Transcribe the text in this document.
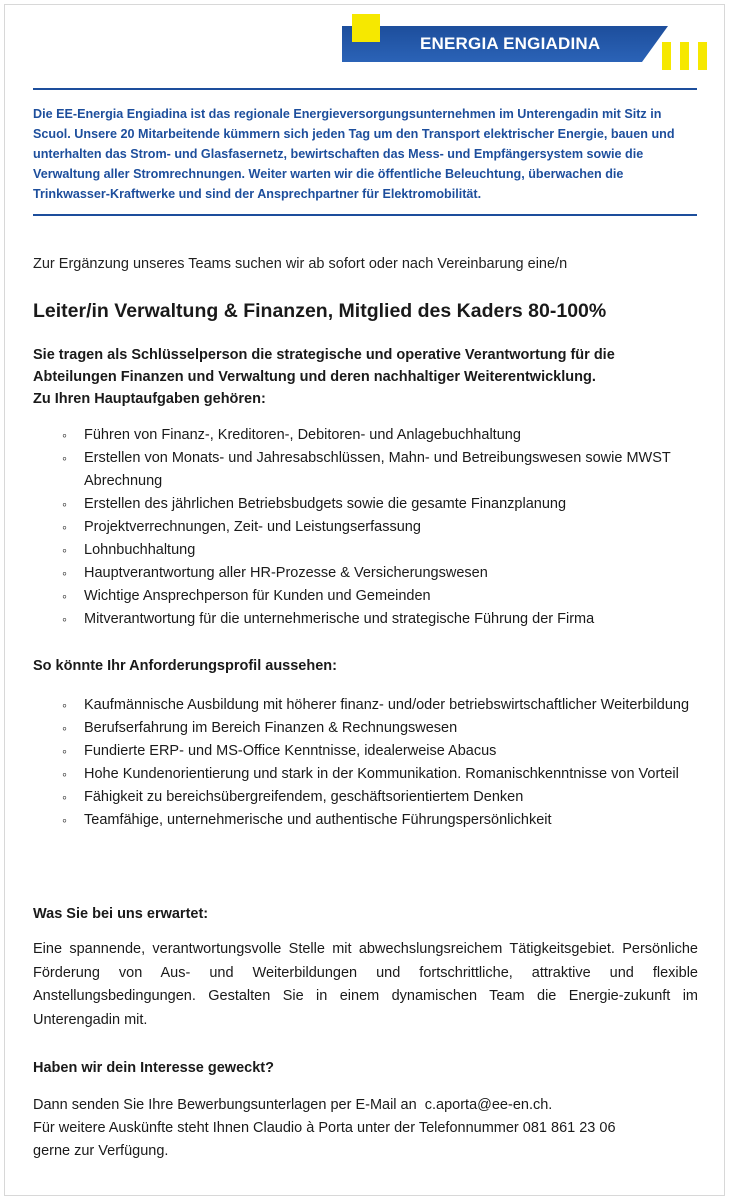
ENERGIA ENGIADINA
Die EE-Energia Engiadina ist das regionale Energieversorgungsunternehmen im Unterengadin mit Sitz in Scuol. Unsere 20 Mitarbeitende kümmern sich jeden Tag um den Transport elektrischer Energie, bauen und unterhalten das Strom- und Glasfasernetz, bewirtschaften das Mess- und Empfängersystem sowie die Verwaltung aller Stromrechnungen. Weiter warten wir die öffentliche Beleuchtung, überwachen die Trinkwasser-Kraftwerke und sind der Ansprechpartner für Elektromobilität.
Zur Ergänzung unseres Teams suchen wir ab sofort oder nach Vereinbarung eine/n
Leiter/in Verwaltung & Finanzen, Mitglied des Kaders 80-100%
Sie tragen als Schlüsselperson die strategische und operative Verantwortung für die
Abteilungen Finanzen und Verwaltung und deren nachhaltiger Weiterentwicklung.
Zu Ihren Hauptaufgaben gehören:
◦ Führen von Finanz-, Kreditoren-, Debitoren- und Anlagebuchhaltung
◦ Erstellen von Monats- und Jahresabschlüssen, Mahn- und Betreibungswesen sowie MWST Abrechnung
◦ Erstellen des jährlichen Betriebsbudgets sowie die gesamte Finanzplanung
◦ Projektverrechnungen, Zeit- und Leistungserfassung
◦ Lohnbuchhaltung
◦ Hauptverantwortung aller HR-Prozesse & Versicherungswesen
◦ Wichtige Ansprechperson für Kunden und Gemeinden
◦ Mitverantwortung für die unternehmerische und strategische Führung der Firma
So könnte Ihr Anforderungsprofil aussehen:
◦ Kaufmännische Ausbildung mit höherer finanz- und/oder betriebswirtschaftlicher Weiterbildung
◦ Berufserfahrung im Bereich Finanzen & Rechnungswesen
◦ Fundierte ERP- und MS-Office Kenntnisse, idealerweise Abacus
◦ Hohe Kundenorientierung und stark in der Kommunikation. Romanischkenntnisse von Vorteil
◦ Fähigkeit zu bereichsübergreifendem, geschäftsorientiertem Denken
◦ Teamfähige, unternehmerische und authentische Führungspersönlichkeit
Was Sie bei uns erwartet:
Eine spannende, verantwortungsvolle Stelle mit abwechslungsreichem Tätigkeitsgebiet. Persönliche Förderung von Aus- und Weiterbildungen und fortschrittliche, attraktive und flexible Anstellungsbedingungen. Gestalten Sie in einem dynamischen Team die Energie-zukunft im Unterengadin mit.
Haben wir dein Interesse geweckt?
Dann senden Sie Ihre Bewerbungsunterlagen per E-Mail an c.aporta@ee-en.ch.
Für weitere Auskünfte steht Ihnen Claudio à Porta unter der Telefonnummer 081 861 23 06
gerne zur Verfügung.
